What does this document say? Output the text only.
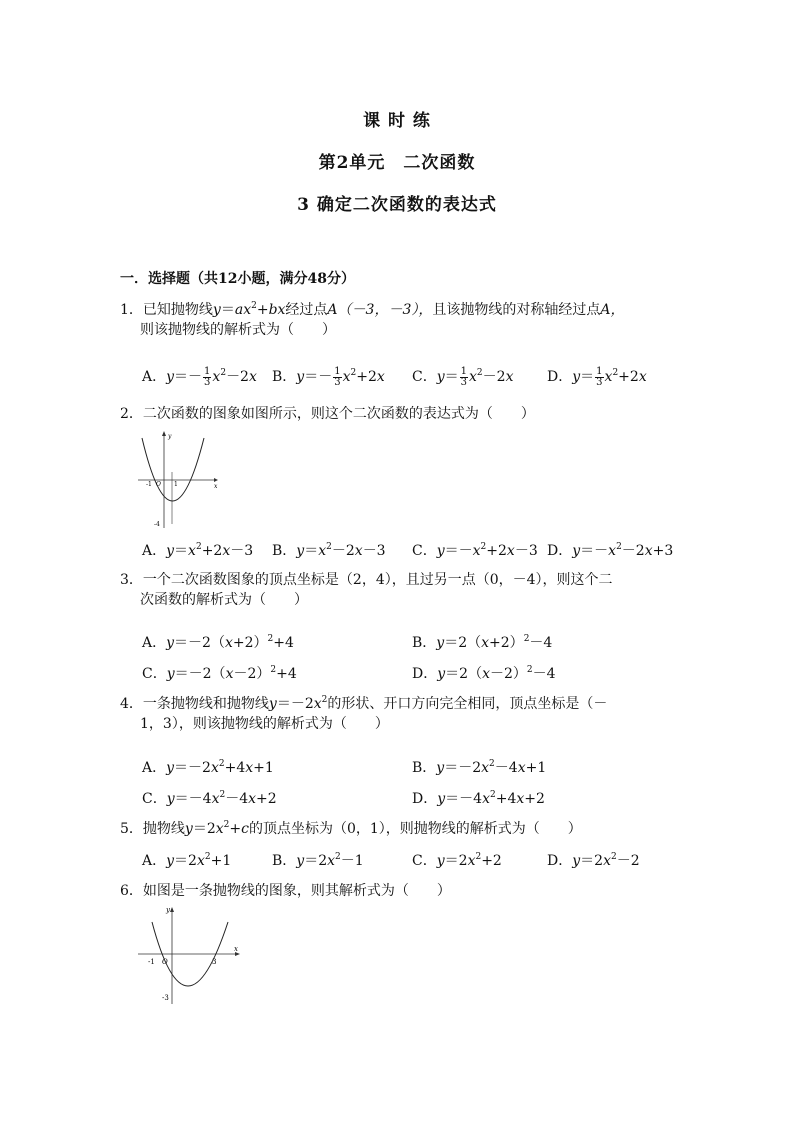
课 时 练
第2单元　二次函数
3 确定二次函数的表达式
一．选择题（共12小题，满分48分）
1．已知抛物线$y=ax^2+bx$经过点A（－3，－3），且该抛物线的对称轴经过点A，
则该抛物线的解析式为（　　）
A．$y=- \frac{1}{3} x^2-2x$ B．$y=- \frac{1}{3} x^2+2x$ C．$y= \frac{1}{3} x^2-2x$ D．$y= \frac{1}{3} x^2+2x$
2．二次函数的图象如图所示，则这个二次函数的表达式为（　　）
y
x
-1 O 1
-4
A．$y=x^2+2x-3$ B．$y=x^2-2x-3$ C．$y=-x^2+2x-3$ D．$y=-x^2-2x+3$
3．一个二次函数图象的顶点坐标是（2，4），且过另一点（0，－4），则这个二
次函数的解析式为（　　）
A．$y=-2(x+2)^2+4$	B．$y=2(x+2)^2-4$
C．$y=-2(x-2)^2+4$	D．$y=2(x-2)^2-4$
4．一条抛物线和抛物线$y=-2x^2$的形状、开口方向完全相同，顶点坐标是（－
1，3），则该抛物线的解析式为（　　）
A．$y=-2x^2+4x+1$	B．$y=-2x^2-4x+1$
C．$y=-4x^2-4x+2$	D．$y=-4x^2+4x+2$
5．抛物线$y=2x^2+c$的顶点坐标为（0，1），则抛物线的解析式为（　　）
A．$y=2x^2+1$	B．$y=2x^2-1$	C．$y=2x^2+2$	D．$y=2x^2-2$
6．如图是一条抛物线的图象，则其解析式为（　　）
y
x
-1 O	3
-3
